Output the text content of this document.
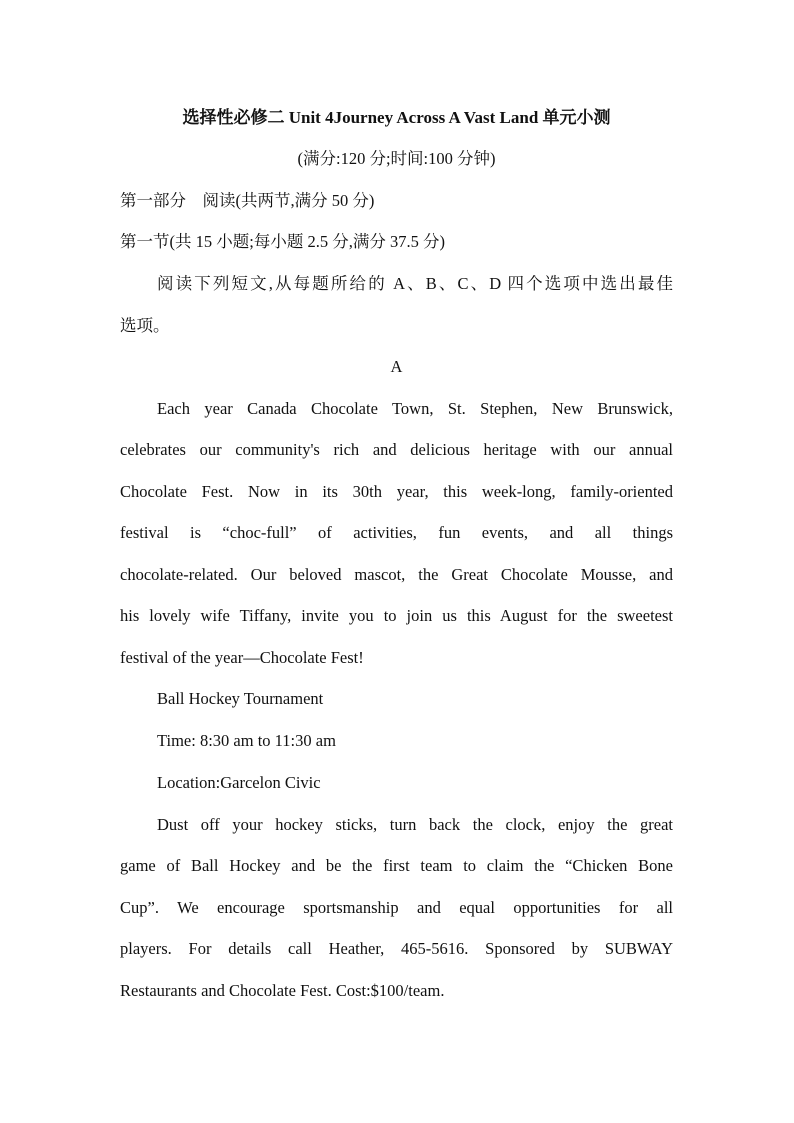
选择性必修二 Unit 4Journey Across A Vast Land 单元小测
(满分:120 分;时间:100 分钟)
第一部分　阅读(共两节,满分 50 分)
第一节(共 15 小题;每小题 2.5 分,满分 37.5 分)
阅读下列短文,从每题所给的 A、B、C、D 四个选项中选出最佳
选项。
A
Each year Canada Chocolate Town, St. Stephen, New Brunswick,
celebrates our community's rich and delicious heritage with our annual
Chocolate Fest. Now in its 30th year, this week-long, family-oriented
festival is “choc-full” of activities, fun events, and all things
chocolate-related. Our beloved mascot, the Great Chocolate Mousse, and
his lovely wife Tiffany, invite you to join us this August for the sweetest
festival of the year—Chocolate Fest!
Ball Hockey Tournament
Time: 8:30 am to 11:30 am
Location:Garcelon Civic
Dust off your hockey sticks, turn back the clock, enjoy the great
game of Ball Hockey and be the first team to claim the “Chicken Bone
Cup”. We encourage sportsmanship and equal opportunities for all
players. For details call Heather, 465-5616. Sponsored by SUBWAY
Restaurants and Chocolate Fest. Cost:$100/team.
